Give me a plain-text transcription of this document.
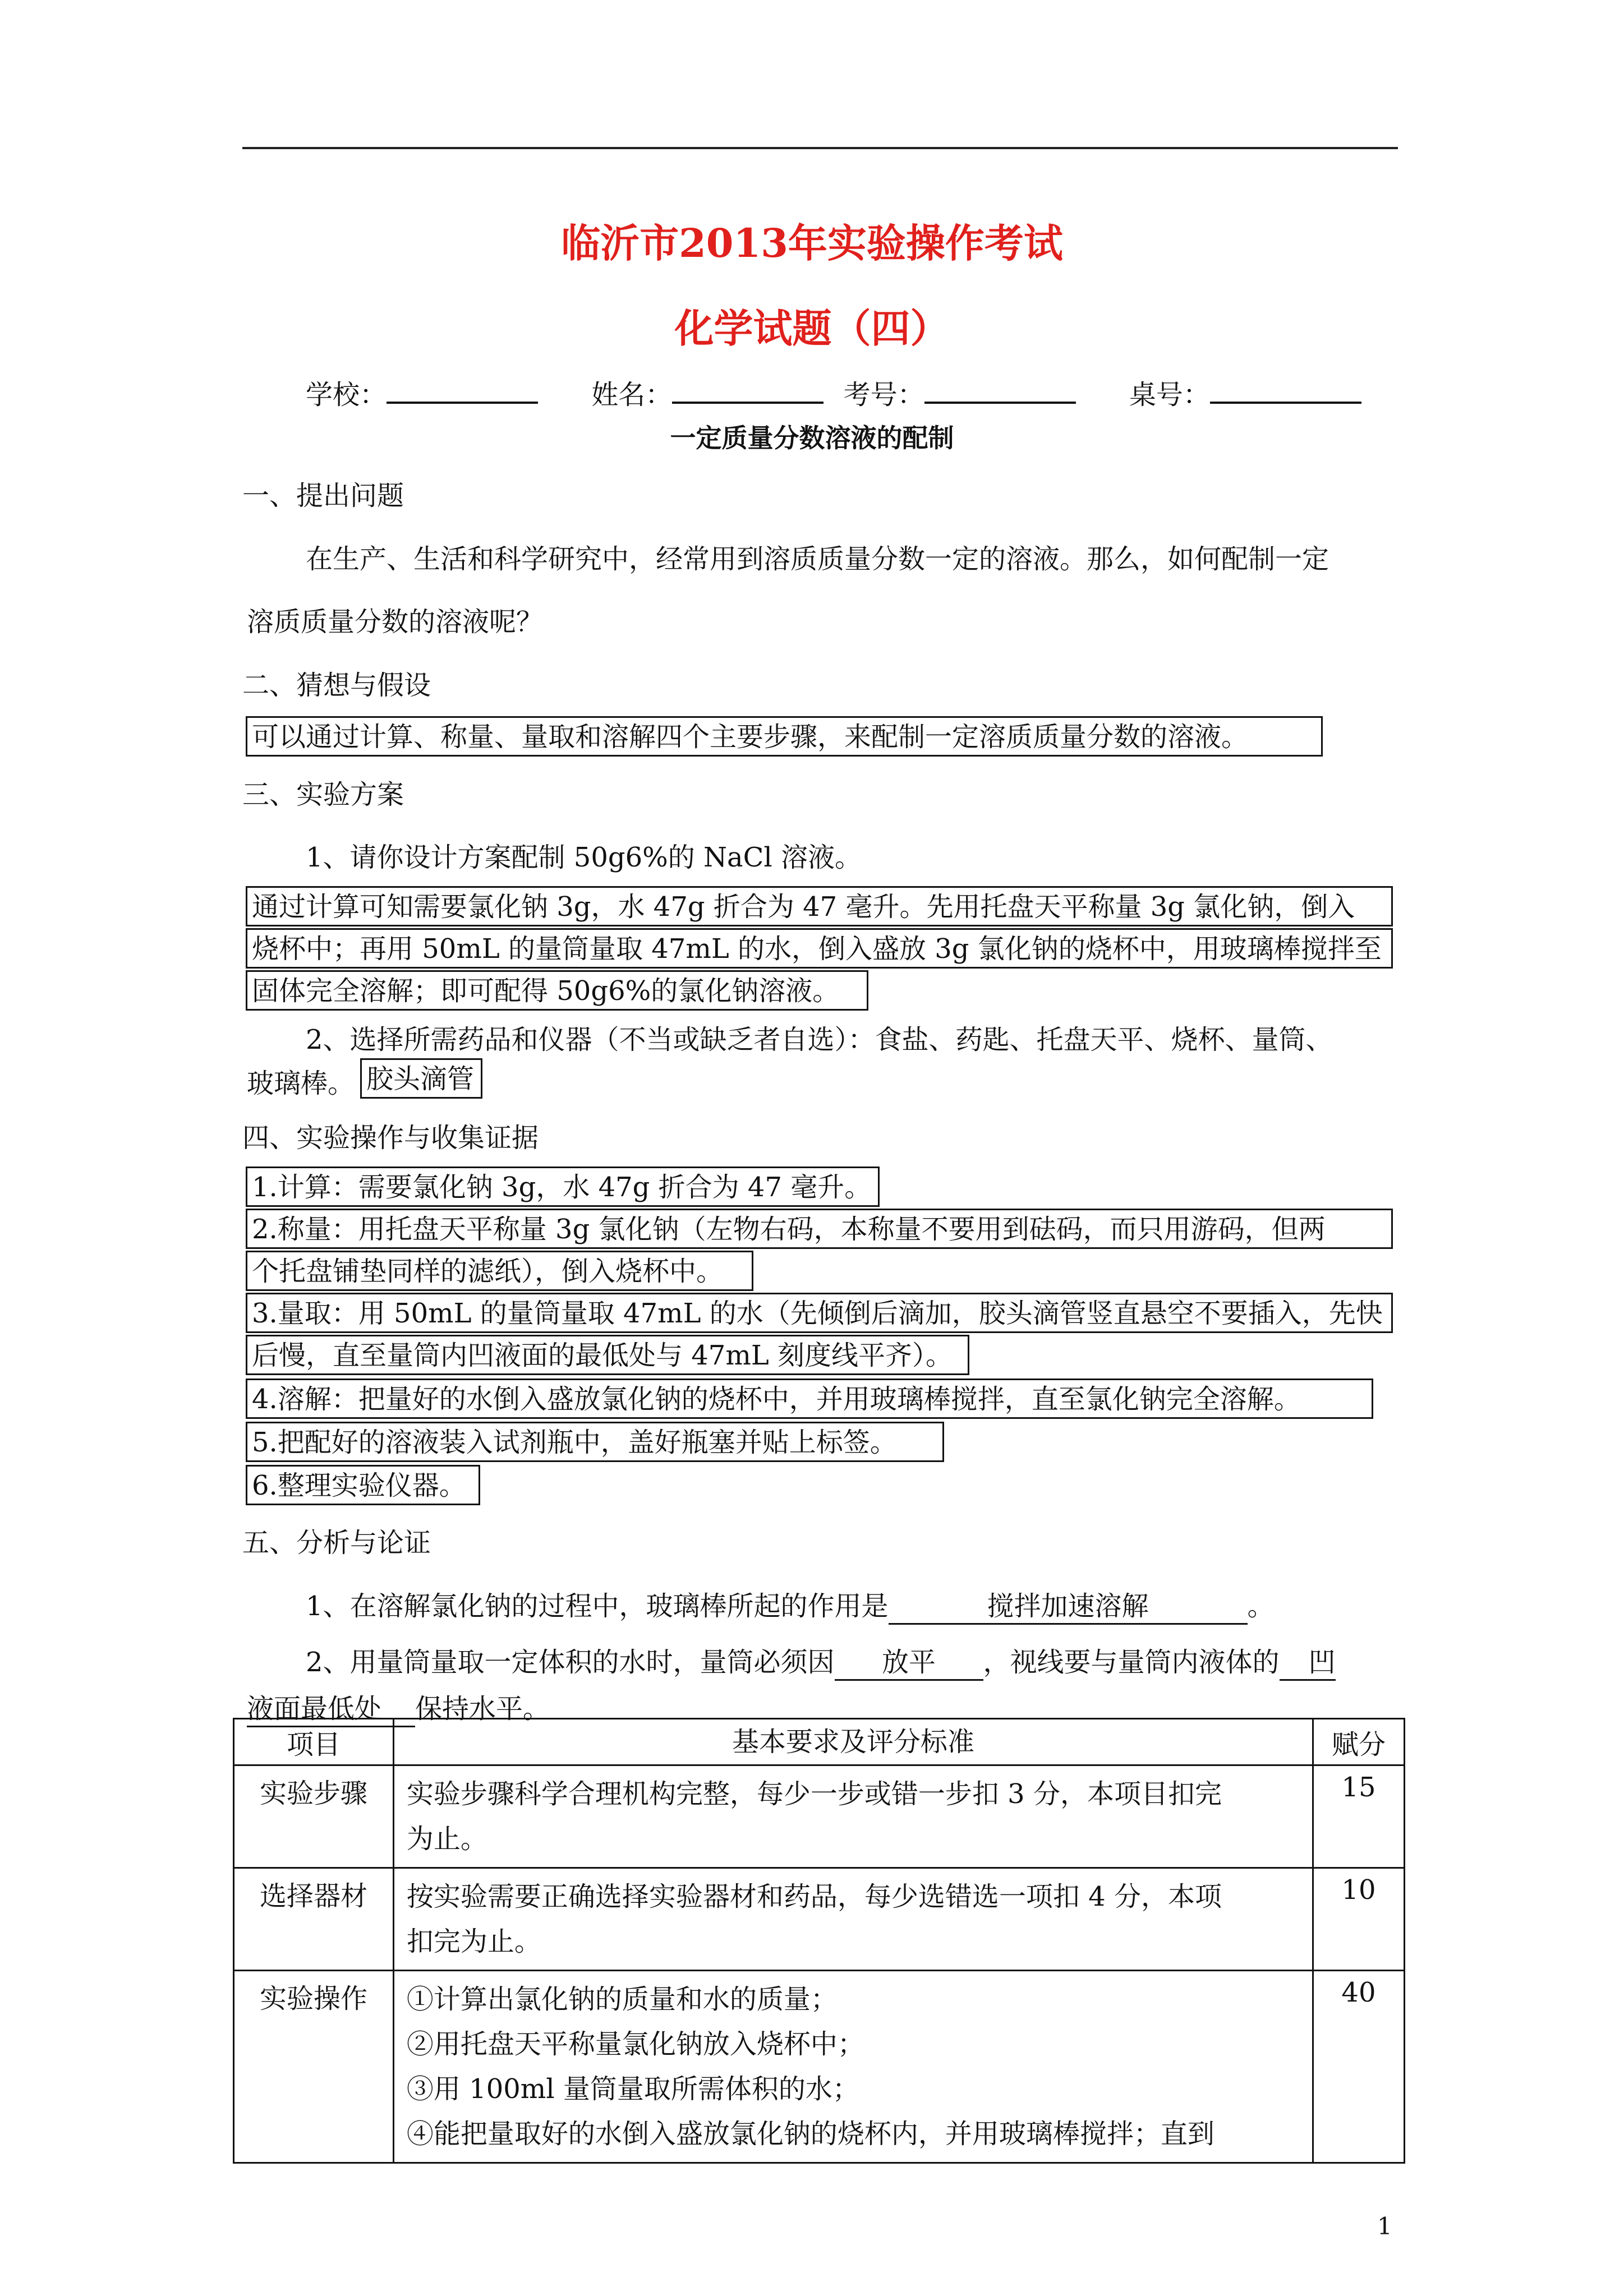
临沂市2013年实验操作考试
化学试题（四）
学校：	姓名：	考号：	桌号：
一定质量分数溶液的配制
一、提出问题
在生产、生活和科学研究中，经常用到溶质质量分数一定的溶液。那么，如何配制一定
溶质质量分数的溶液呢？
二、猜想与假设
可以通过计算、称量、量取和溶解四个主要步骤，来配制一定溶质质量分数的溶液。
三、实验方案
1、请你设计方案配制 50g6%的 NaCl 溶液。
通过计算可知需要氯化钠 3g，水 47g 折合为 47 毫升。先用托盘天平称量 3g 氯化钠，倒入
烧杯中；再用 50mL 的量筒量取 47mL 的水，倒入盛放 3g 氯化钠的烧杯中，用玻璃棒搅拌至
固体完全溶解；即可配得 50g6%的氯化钠溶液。
2、选择所需药品和仪器（不当或缺乏者自选）：食盐、药匙、托盘天平、烧杯、量筒、
玻璃棒。 胶头滴管
四、实验操作与收集证据
1.计算：需要氯化钠 3g，水 47g 折合为 47 毫升。
2.称量：用托盘天平称量 3g 氯化钠（左物右码，本称量不要用到砝码，而只用游码，但两
个托盘铺垫同样的滤纸），倒入烧杯中。
3.量取：用 50mL 的量筒量取 47mL 的水（先倾倒后滴加，胶头滴管竖直悬空不要插入，先快
后慢，直至量筒内凹液面的最低处与 47mL 刻度线平齐）。
4.溶解：把量好的水倒入盛放氯化钠的烧杯中，并用玻璃棒搅拌，直至氯化钠完全溶解。
5.把配好的溶液装入试剂瓶中，盖好瓶塞并贴上标签。
6.整理实验仪器。
五、分析与论证
1、在溶解氯化钠的过程中，玻璃棒所起的作用是	搅拌加速溶解	。
2、用量筒量取一定体积的水时，量筒必须因 放平 ，视线要与量筒内液体的 凹
液面最低处 保持水平。
项目	基本要求及评分标准	赋分
实验步骤	实验步骤科学合理机构完整，每少一步或错一步扣 3 分，本项目扣完
为止。	15
选择器材	按实验需要正确选择实验器材和药品，每少选错选一项扣 4 分，本项
扣完为止。	10
实验操作	①计算出氯化钠的质量和水的质量；
②用托盘天平称量氯化钠放入烧杯中；
③用 100ml 量筒量取所需体积的水；
④能把量取好的水倒入盛放氯化钠的烧杯内，并用玻璃棒搅拌；直到	40
1
